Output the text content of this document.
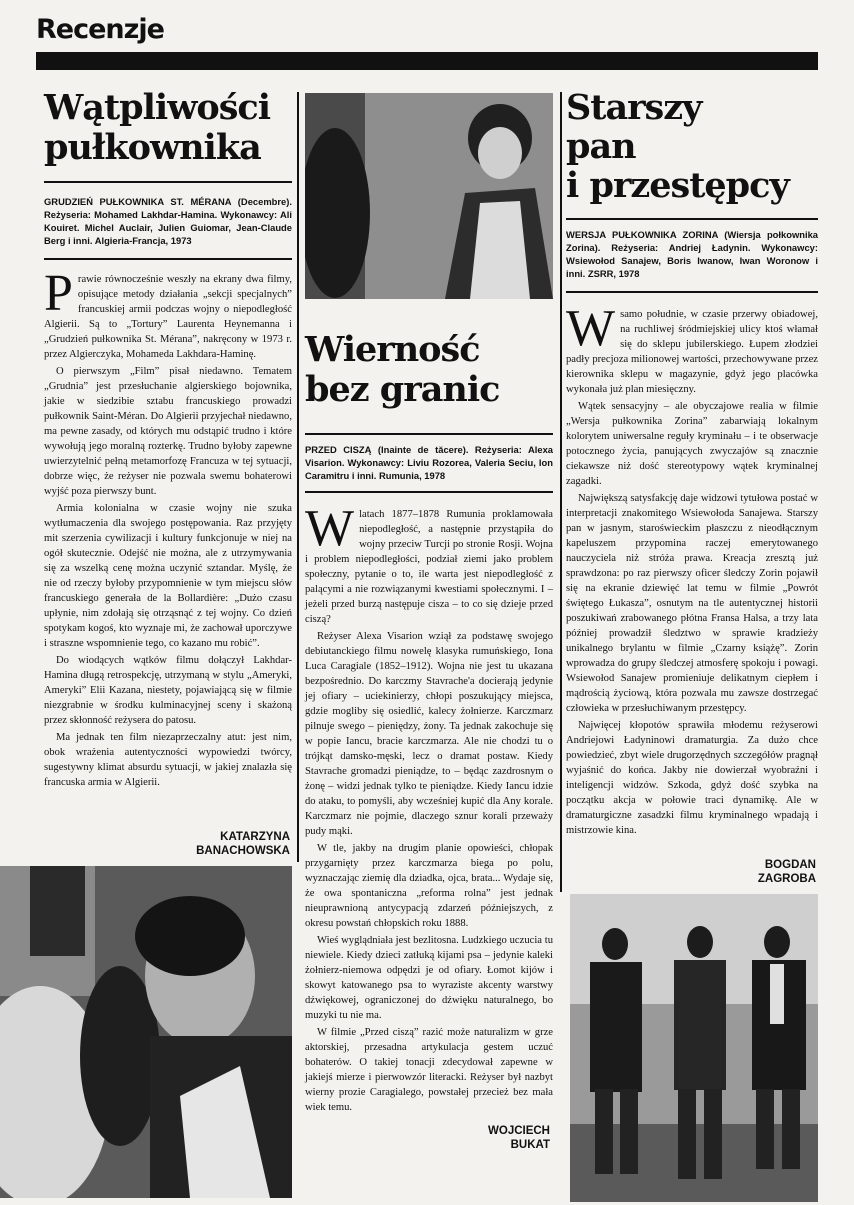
Recenzje
Wątpliwości
pułkownika
GRUDZIEŃ PUŁKOWNIKA ST. MÉRANA (Decembre). Reżyseria: Mohamed Lakhdar-Hamina. Wykonawcy: Ali Kouiret. Michel Auclair, Julien Guiomar, Jean-Claude Berg i inni. Algieria-Francja, 1973

Prawie równocześnie weszły na ekrany dwa filmy, opisujące metody działania „sekcji specjalnych” francuskiej armii podczas wojny o niepodległość Algierii. Są to „Tortury” Laurenta Heynemanna i „Grudzień pułkownika St. Mérana”, nakręcony w 1973 r. przez Algierczyka, Mohameda Lakhdara-Haminę.

O pierwszym „Film” pisał niedawno. Tematem „Grudnia” jest przesłuchanie algierskiego bojownika, jakie w siedzibie sztabu francuskiego prowadzi pułkownik Saint-Méran. Do Algierii przyjechał niedawno, ma pewne zasady, od których mu odstąpić trudno i które wywołują jego moralną rozterkę. Trudno byłoby zapewne uwierzytelnić pełną metamorfozę Francuza w tej sytuacji, dobrze więc, że reżyser nie pozwala swemu bohaterowi wyjść poza pierwszy bunt.

Armia kolonialna w czasie wojny nie szuka wytłumaczenia dla swojego postępowania. Raz przyjęty mit szerzenia cywilizacji i kultury funkcjonuje w niej na ogół skutecznie. Odejść nie można, ale z utrzymywania się za wszelką cenę można uczynić sztandar. Myślę, że nie od rzeczy byłoby przypomnienie w tym miejscu słów francuskiego generała de la Bollardière: „Dużo czasu upłynie, nim zdołają się otrząsnąć z tej wojny. Co dzień spotykam kogoś, kto wyznaje mi, że zachował uporczywe i straszne wspomnienie tego, co kazano mu robić”.

Do wiodących wątków filmu dołączył Lakhdar-Hamina długą retrospekcję, utrzymaną w stylu „Ameryki, Ameryki” Elii Kazana, niestety, pojawiającą się w filmie niezgrabnie w środku kulminacyjnej sceny i skażoną przez skłonność reżysera do patosu.

Ma jednak ten film niezaprzeczalny atut: jest nim, obok wrażenia autentyczności wypowiedzi twórcy, sugestywny klimat absurdu sytuacji, w jakiej znalazła się francuska armia w Algierii.

KATARZYNA
BANACHOWSKA
Wierność
bez granic
PRZED CISZĄ (Inainte de tăcere). Reżyseria: Alexa Visarion. Wykonawcy: Liviu Rozorea, Valeria Seciu, Ion Caramitru i inni. Rumunia, 1978

Wlatach 1877–1878 Rumunia proklamowała niepodległość, a następnie przystąpiła do wojny przeciw Turcji po stronie Rosji. Wojna i problem niepodległości, podział ziemi jako problem społeczny, pytanie o to, ile warta jest niepodległość z palącymi a nie rozwiązanymi kwestiami społecznymi. I – jeżeli przed burzą następuje cisza – to co się dzieje przed ciszą?

Reżyser Alexa Visarion wziął za podstawę swojego debiutanckiego filmu nowelę klasyka rumuńskiego, Iona Luca Caragiale (1852–1912). Wojna nie jest tu ukazana bezpośrednio. Do karczmy Stavrache'a docierają jedynie jej ofiary – uciekinierzy, chłopi poszukujący miejsca, gdzie mogliby się osiedlić, kalecy żołnierze. Karczmarz pilnuje swego – pieniędzy, żony. Ta jednak zakochuje się w popie Iancu, bracie karczmarza. Ale nie chodzi tu o trójkąt damsko-męski, lecz o dramat postaw. Kiedy Stavrache gromadzi pieniądze, to – będąc zazdrosnym o żonę – widzi jednak tylko te pieniądze. Kiedy Iancu idzie do ataku, to pomyśli, aby wcześniej kupić dla Any korale. Karczmarz nie pojmie, dlaczego sznur korali przeważy pudy mąki.

W tle, jakby na drugim planie opowieści, chłopak przygarnięty przez karczmarza biega po polu, wyznaczając ziemię dla dziadka, ojca, brata... Wydaje się, że owa spontaniczna „reforma rolna” jest jednak nieuprawnioną antycypacją zdarzeń późniejszych, z okresu powstań chłopskich roku 1888.

Wieś wyglądniała jest bezlitosna. Ludzkiego uczucia tu niewiele. Kiedy dzieci zatłuką kijami psa – jedynie kaleki żołnierz-niemowa odpędzi je od ofiary. Łomot kijów i skowyt katowanego psa to wyraziste akcenty warstwy dźwiękowej, ograniczonej do dźwięku naturalnego, bo muzyki tu nie ma.

W filmie „Przed ciszą” razić może naturalizm w grze aktorskiej, przesadna artykulacja gestem uczuć bohaterów. O takiej tonacji zdecydował zapewne w jakiejś mierze i pierwowzór literacki. Reżyser był nazbyt wierny prozie Caragialego, powstałej przecież bez mała wiek temu.

WOJCIECH
BUKAT
Starszy
pan
i przestępcy
WERSJA PUŁKOWNIKA ZORINA (Wiersja połkownika Zorina). Reżyseria: Andriej Ładynin. Wykonawcy: Wsiewołod Sanajew, Boris Iwanow, Iwan Woronow i inni. ZSRR, 1978

Wsamo południe, w czasie przerwy obiadowej, na ruchliwej śródmiejskiej ulicy ktoś włamał się do sklepu jubilerskiego. Łupem złodziei padły precjoza milionowej wartości, przechowywane przez kierownika sklepu w magazynie, gdyż jego placówka wykonała już plan miesięczny.

Wątek sensacyjny – ale obyczajowe realia w filmie „Wersja pułkownika Zorina” zabarwiają lokalnym kolorytem uniwersalne reguły kryminału – i te obserwacje potocznego życia, panujących zwyczajów są znacznie ciekawsze niż dość stereotypowy wątek kryminalnej zagadki.

Największą satysfakcję daje widzowi tytułowa postać w interpretacji znakomitego Wsiewołoda Sanajewa. Starszy pan w jasnym, staroświeckim płaszczu z nieodłącznym kapeluszem przypomina raczej emerytowanego nauczyciela niż stróża prawa. Kreacja zresztą już sprawdzona: po raz pierwszy oficer śledczy Zorin pojawił się na ekranie dziewięć lat temu w filmie „Powrót świętego Łukasza”, osnutym na tle autentycznej historii poszukiwań zrabowanego płótna Fransa Halsa, a trzy lata później prowadził śledztwo w sprawie kradzieży unikalnego brylantu w filmie „Czarny książę”. Zorin wprowadza do grupy śledczej atmosferę spokoju i powagi. Wsiewołod Sanajew promieniuje delikatnym ciepłem i mądrością życiową, która pozwala mu zawsze dostrzegać człowieka w przesłuchiwanym przestępcy.

Najwięcej kłopotów sprawiła młodemu reżyserowi Andriejowi Ładyninowi dramaturgia. Za dużo chce powiedzieć, zbyt wiele drugorzędnych szczegółów pragnął wyjaśnić do końca. Jakby nie dowierzał wyobraźni i inteligencji widzów. Szkoda, gdyż dość szybka na początku akcja w połowie traci dynamikę. Ale w dramaturgiczne zasadzki filmu kryminalnego wpadają i mistrzowie kina.

BOGDAN
ZAGROBA
